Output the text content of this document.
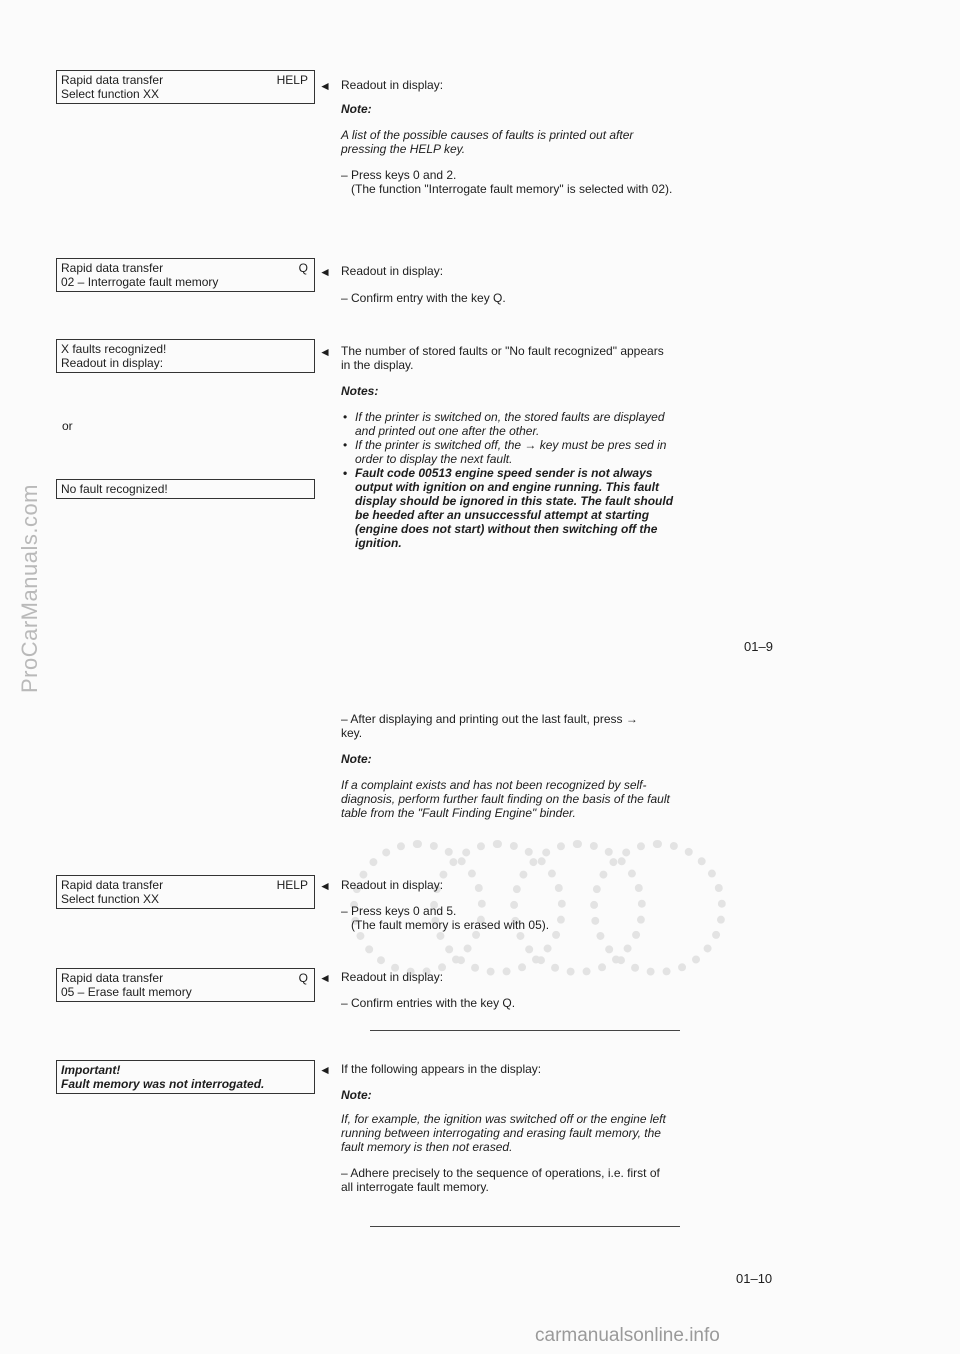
ProCarManuals.com
Rapid data transfer	HELP
Select function XX
Rapid data transfer	Q
02 – Interrogate fault memory
X faults recognized!
Readout in display:
or
No fault recognized!
Rapid data transfer	HELP
Select function XX
Rapid data transfer	Q
05 – Erase fault memory
Important!
Fault memory was not interrogated.
◄ Readout in display:
Note:
A list of the possible causes of faults is printed out after pressing the HELP key.
– Press keys 0 and 2.
(The function "Interrogate fault memory" is selected with 02).
◄ Readout in display:
– Confirm entry with the key Q.
◄ The number of stored faults or "No fault recognized" appears in the display.
Notes:
• If the printer is switched on, the stored faults are displayed and printed out one after the other.
• If the printer is switched off, the → key must be pres sed in order to display the next fault.
• Fault code 00513 engine speed sender is not always output with ignition on and engine running. This fault display should be ignored in this state. The fault should be heeded after an unsuccessful attempt at starting (engine does not start) without then switching off the ignition.
01–9
– After displaying and printing out the last fault, press → key.
Note:
If a complaint exists and has not been recognized by self-diagnosis, perform further fault finding on the basis of the fault table from the "Fault Finding Engine" binder.
◄ Readout in display:
– Press keys 0 and 5.
(The fault memory is erased with 05).
◄ Readout in display:
– Confirm entries with the key Q.
◄ If the following appears in the display:
Note:
If, for example, the ignition was switched off or the engine left running between interrogating and erasing fault memory, the fault memory is then not erased.
– Adhere precisely to the sequence of operations, i.e. first of all interrogate fault memory.
01–10
carmanualsonline.info
